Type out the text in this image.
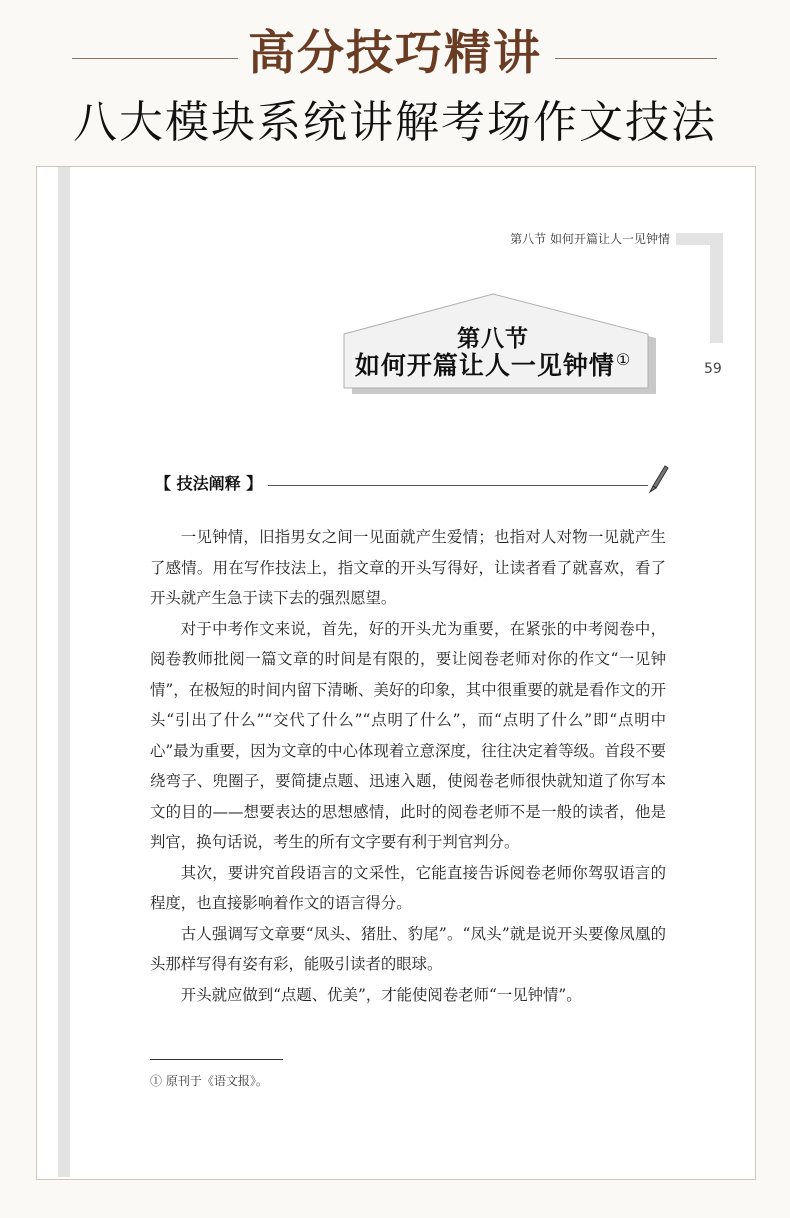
高分技巧精讲
八大模块系统讲解考场作文技法
第八节 如何开篇让人一见钟情
59
第八节
如何开篇让人一见钟情①
【 技法阐释 】

一见钟情，旧指男女之间一见面就产生爱情；也指对人对物一见就产生了感情。用在写作技法上，指文章的开头写得好，让读者看了就喜欢，看了开头就产生急于读下去的强烈愿望。

对于中考作文来说，首先，好的开头尤为重要，在紧张的中考阅卷中，阅卷教师批阅一篇文章的时间是有限的，要让阅卷老师对你的作文“一见钟情”，在极短的时间内留下清晰、美好的印象，其中很重要的就是看作文的开头“引出了什么”“交代了什么”“点明了什么”，而“点明了什么”即“点明中心”最为重要，因为文章的中心体现着立意深度，往往决定着等级。首段不要绕弯子、兜圈子，要简捷点题、迅速入题，使阅卷老师很快就知道了你写本文的目的——想要表达的思想感情，此时的阅卷老师不是一般的读者，他是判官，换句话说，考生的所有文字要有利于判官判分。

其次，要讲究首段语言的文采性，它能直接告诉阅卷老师你驾驭语言的程度，也直接影响着作文的语言得分。

古人强调写文章要“凤头、猪肚、豹尾”。“凤头”就是说开头要像凤凰的头那样写得有姿有彩，能吸引读者的眼球。

开头就应做到“点题、优美”，才能使阅卷老师“一见钟情”。

① 原刊于《语文报》。
